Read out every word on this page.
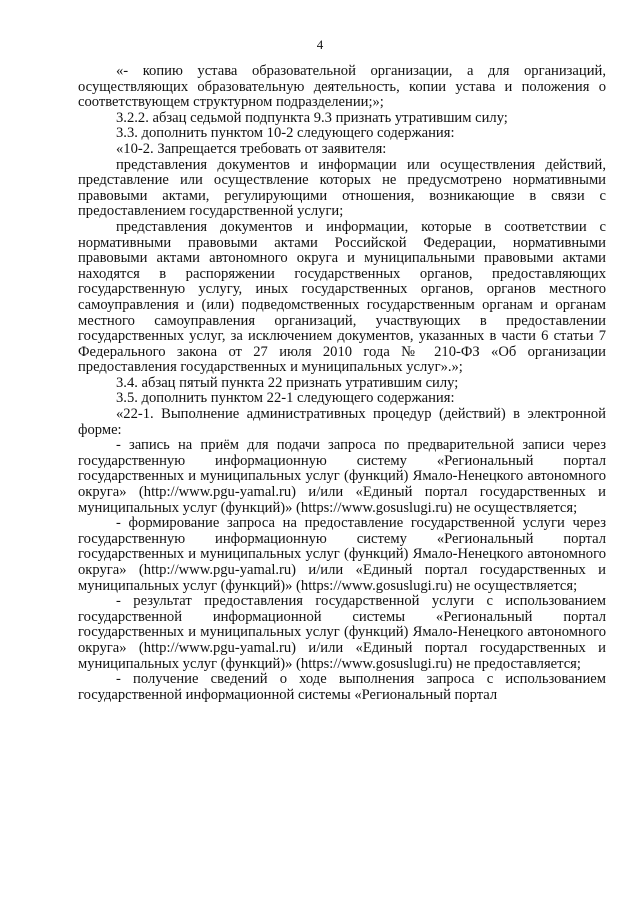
4

«- копию устава образовательной организации, а для организаций, осуществляющих образовательную деятельность, копии устава и положения о соответствующем структурном подразделении;»;

3.2.2. абзац седьмой подпункта 9.3 признать утратившим силу;

3.3. дополнить пунктом 10-2 следующего содержания:

«10-2. Запрещается требовать от заявителя:

представления документов и информации или осуществления действий, представление или осуществление которых не предусмотрено нормативными правовыми актами, регулирующими отношения, возникающие в связи с предоставлением государственной услуги;

представления документов и информации, которые в соответствии с нормативными правовыми актами Российской Федерации, нормативными правовыми актами автономного округа и муниципальными правовыми актами находятся в распоряжении государственных органов, предоставляющих государственную услугу, иных государственных органов, органов местного самоуправления и (или) подведомственных государственным органам и органам местного самоуправления организаций, участвующих в предоставлении государственных услуг, за исключением документов, указанных в части 6 статьи 7 Федерального закона от 27 июля 2010 года № 210-ФЗ «Об организации предоставления государственных и муниципальных услуг».»;

3.4. абзац пятый пункта 22 признать утратившим силу;

3.5. дополнить пунктом 22-1 следующего содержания:

«22-1. Выполнение административных процедур (действий) в электронной форме:

- запись на приём для подачи запроса по предварительной записи через государственную информационную систему «Региональный портал государственных и муниципальных услуг (функций) Ямало-Ненецкого автономного округа» (http://www.pgu-yamal.ru) и/или «Единый портал государственных и муниципальных услуг (функций)» (https://www.gosuslugi.ru) не осуществляется;

- формирование запроса на предоставление государственной услуги через государственную информационную систему «Региональный портал государственных и муниципальных услуг (функций) Ямало-Ненецкого автономного округа» (http://www.pgu-yamal.ru) и/или «Единый портал государственных и муниципальных услуг (функций)» (https://www.gosuslugi.ru) не осуществляется;

- результат предоставления государственной услуги с использованием государственной информационной системы «Региональный портал государственных и муниципальных услуг (функций) Ямало-Ненецкого автономного округа» (http://www.pgu-yamal.ru) и/или «Единый портал государственных и муниципальных услуг (функций)» (https://www.gosuslugi.ru) не предоставляется;

- получение сведений о ходе выполнения запроса с использованием государственной информационной системы «Региональный портал
